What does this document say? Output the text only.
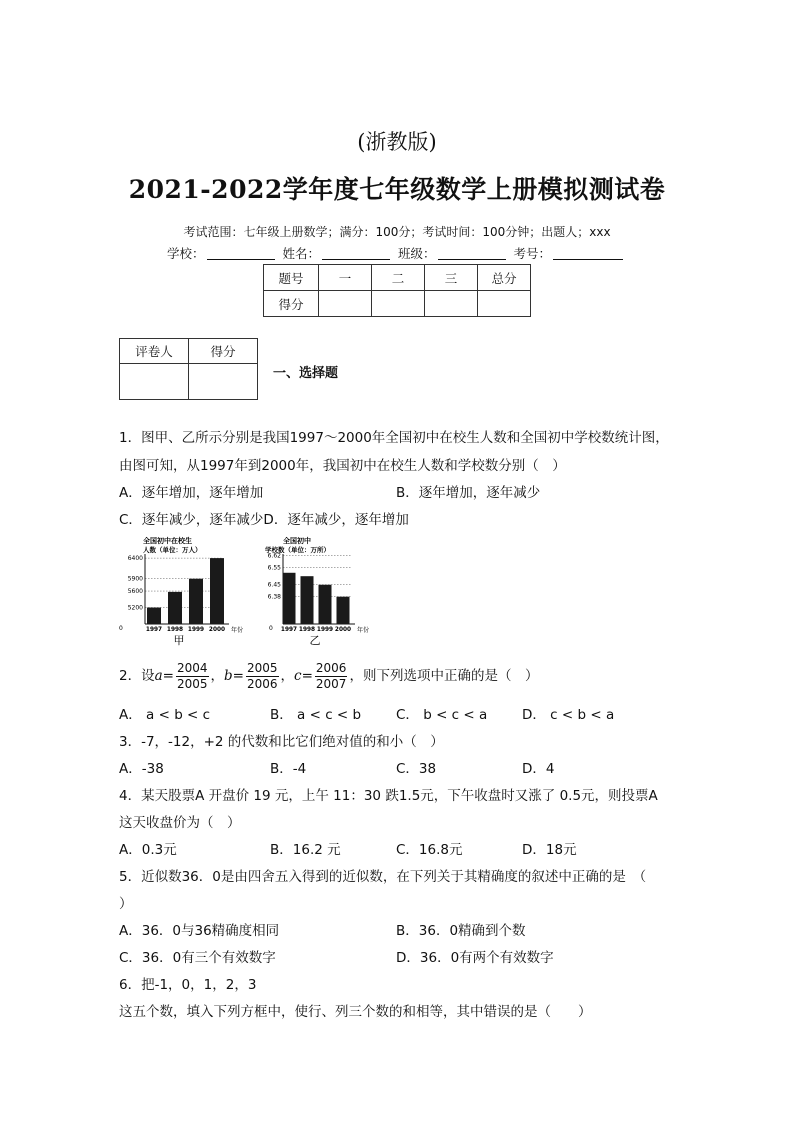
(浙教版)
2021-2022学年度七年级数学上册模拟测试卷
考试范围：七年级上册数学；满分：100分；考试时间：100分钟；出题人；xxx
学校：	姓名：	班级：	考号：
题号	一	二	三	总分
得分				
评卷人	得分

一、选择题
1．图甲、乙所示分别是我国1997～2000年全国初中在校生人数和全国初中学校数统计图，
由图可知，从1997年到2000年，我国初中在校生人数和学校数分别（　）
A．逐年增加，逐年增加	B．逐年增加，逐年减少
C．逐年减少，逐年减少D．逐年减少，逐年增加
全国初中在校生
人数（单位：万人）
6400
5900
5600
5200
1997 1998 1999 2000
0	年份
甲
全国初中
学校数（单位：万所）
6.62
6.55
6.45
6.38
1997 1998 1999 2000
0	年份
乙
2．设$a= \frac{2004}{2005}$ ，$b= \frac{2005}{2006}$ ，$c= \frac{2006}{2007}$ ，则下列选项中正确的是（　）
A． a < b < c	B． a < c < b	C． b < c < a	D． c < b < a
3．-7，-12，+2 的代数和比它们绝对值的和小（　）
A．-38	B．-4	C．38	D．4
4．某天股票A 开盘价 19 元，上午 11：30 跌1.5元，下午收盘时又涨了 0.5元，则投票A
这天收盘价为（　）
A．0.3元	B．16.2 元	C．16.8元	D．18元
5．近似数36．0是由四舍五入得到的近似数，在下列关于其精确度的叙述中正确的是　（
）
A．36．0与36精确度相同	B．36．0精确到个数
C．36．0有三个有效数字	D．36．0有两个有效数字
6．把-1，0，1，2，3
这五个数，填入下列方框中，使行、列三个数的和相等，其中错误的是（　　）
